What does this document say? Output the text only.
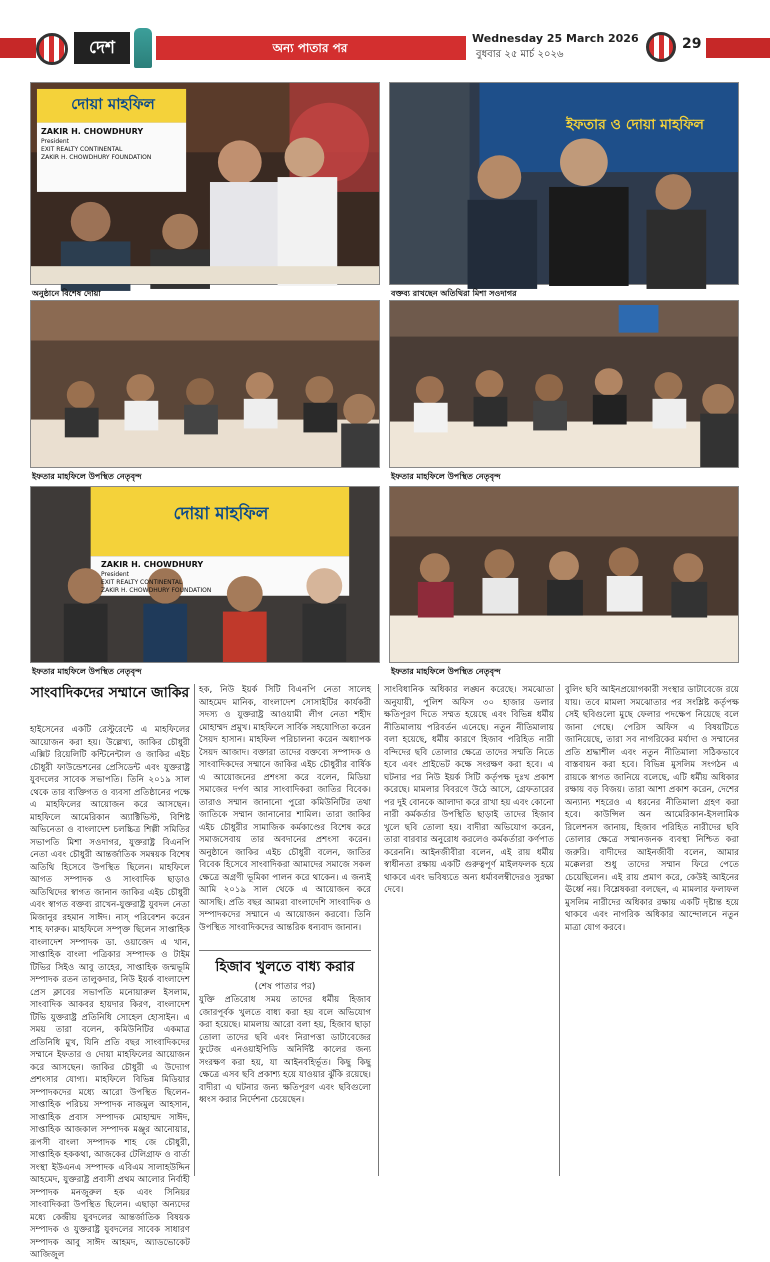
দেশ	অন্য পাতার পর
Wednesday 25 March 2026
বুধবার ২৫ মার্চ ২০২৬
29
দোয়া মাহফিল
ZAKIR H. CHOWDHURY
President
EXIT REALTY CONTINENTAL
ZAKIR H. CHOWDHURY FOUNDATION
অনুষ্ঠানে বিশেষ দোয়া
ইফতার ও দোয়া মাহফিল
বক্তব্য রাখছেন অতিথিরা মিশা সওদাগর
ইফতার মাহফিলে উপস্থিত নেতৃবৃন্দ	ইফতার মাহফিলে উপস্থিত নেতৃবৃন্দ
দোয়া মাহফিল
ZAKIR H. CHOWDHURY
President
EXIT REALTY CONTINENTAL
ZAKIR H. CHOWDHURY FOUNDATION
ইফতার মাহফিলে উপস্থিত নেতৃবৃন্দ	ইফতার মাহফিলে উপস্থিত নেতৃবৃন্দ
সাংবাদিকদের সম্মানে জাকির
হাইসেনের একটি রেস্টুরেন্টে এ মাহফিলের আয়োজন করা হয়। উল্লেখ্য, জাকির চৌধুরী এক্সিট রিয়েলিটি কন্টিনেন্টাল ও জাকির এইচ চৌধুরী ফাউন্ডেশনের প্রেসিডেন্ট এবং যুক্তরাষ্ট্র যুবদলের সাবেক সভাপতি। তিনি ২০১৯ সাল থেকে তার ব্যক্তিগত ও ব্যবসা প্রতিষ্ঠানের পক্ষে এ মাহফিলের আয়োজন করে আসছেন। মাহফিলে আমেরিকান অ্যাক্টিভিস্ট, বিশিষ্ট অভিনেতা ও বাংলাদেশ চলচ্চিত্র শিল্পী সমিতির সভাপতি মিশা সওদাগর, যুক্তরাষ্ট্র বিএনপি নেতা এবং চৌধুরী আন্তর্জাতিক সমন্বয়ক বিশেষ অতিথি হিসেবে উপস্থিত ছিলেন। মাহফিলে আগত সম্পাদক ও সাংবাদিক ছাড়াও অতিথিদের স্বাগত জানান জাকির এইচ চৌধুরী এবং স্বাগত বক্তব্য রাখেন-যুক্তরাষ্ট্র যুবদল নেতা মিজানুর রহমান সাঈদ। নাস্ পরিবেশন করেন শাহ ফারুক। মাহফিলে সম্পৃক্ত ছিলেন সাপ্তাহিক বাংলাদেশ সম্পাদক ডা. ওয়াজেদ এ খান, সাপ্তাহিক বাংলা পত্রিকার সম্পাদক ও টাইম টিভির সিইও আবু তাহের, সাপ্তাহিক জন্মভূমি সম্পাদক রতন তালুকদার, নিউ ইয়র্ক বাংলাদেশ প্রেস ক্লাবের সভাপতি মনোয়ারুল ইসলাম, সাংবাদিক আকবর হায়দার কিরণ, বাংলাদেশ টিভি যুক্তরাষ্ট্র প্রতিনিধি সোহেল হোসাইন। এ সময় তারা বলেন, কমিউনিটির একমাত্র প্রতিনিধি মুখ, যিনি প্রতি বছর সাংবাদিকদের সম্মানে ইফতার ও দোয়া মাহফিলের আয়োজন করে আসছেন। জাকির চৌধুরী এ উদ্যোগ প্রশংসার যোগ্য। মাহফিলে বিভিন্ন মিডিয়ার সম্পাদকদের মধ্যে আরো উপস্থিত ছিলেন-সাপ্তাহিক পরিচয় সম্পাদক নাজমুল আহসান, সাপ্তাহিক প্রবাস সম্পাদক মোহাম্মদ সাঈদ, সাপ্তাহিক আজকাল সম্পাদক মঞ্জুর আনোয়ার, রূপসী বাংলা সম্পাদক শাহ জে চৌধুরী, সাপ্তাহিক হককথা, আজকের টেলিগ্রাফ ও বার্তা সংস্থা ইউএনএ সম্পাদক এবিএম সালাহউদ্দিন আহমেদ, যুক্তরাষ্ট্র প্রবাসী প্রথম আলোর নির্বাহী সম্পাদক মনজুরুল হক এবং সিনিয়র সাংবাদিকরা উপস্থিত ছিলেন। এছাড়া অন্যদের মধ্যে কেন্দ্রীয় যুবদলের আন্তর্জাতিক বিষয়ক সম্পাদক ও যুক্তরাষ্ট্র যুবদলের সাবেক সাধারণ সম্পাদক আবু সাঈদ আহমদ, অ্যাডভোকেট আজিজুল
হক, নিউ ইয়র্ক সিটি বিএনপি নেতা সালেহ আহমেদ মানিক, বাংলাদেশ সোসাইটির কার্যকরী সদস্য ও যুক্তরাষ্ট্র আওয়ামী লীগ নেতা শহীদ মোহাম্মদ প্রমুখ। মাহফিলে সার্বিক সহযোগিতা করেন সৈয়দ হাসান। মাহফিল পরিচালনা করেন অধ্যাপক সৈয়দ আজাদ। বক্তারা তাদের বক্তব্যে সম্পাদক ও সাংবাদিকদের সম্মানে জাকির এইচ চৌধুরীর বার্ষিক এ আয়োজনের প্রশংসা করে বলেন, মিডিয়া সমাজের দর্পণ আর সাংবাদিকরা জাতির বিবেক। তারাও সম্মান জানানো পুরো কমিউনিটির তথা জাতিকে সম্মান জানানোর শামিল। তারা জাকির এইচ চৌধুরীর সামাজিক কর্মকাণ্ডের বিশেষ করে সমাজসেবায় তার অবদানের প্রশংসা করেন। অনুষ্ঠানে জাকির এইচ চৌধুরী বলেন, জাতির বিবেক হিসেবে সাংবাদিকরা আমাদের সমাজে সকল ক্ষেত্রে অগ্রণী ভূমিকা পালন করে থাকেন। এ জন্যই আমি ২০১৯ সাল থেকে এ আয়োজন করে আসছি। প্রতি বছর আমরা বাংলাদেশি সাংবাদিক ও সম্পাদকদের সম্মানে এ আয়োজন করবো। তিনি উপস্থিত সাংবাদিকদের আন্তরিক ধন্যবাদ জানান।
হিজাব খুলতে বাধ্য করার
(শেষ পাতার পর)
যুক্তি প্রতিরোধ সময় তাদের ধর্মীয় হিজাব জোরপূর্বক খুলতে বাধ্য করা হয় বলে অভিযোগ করা হয়েছে। মামলায় আরো বলা হয়, হিজাব ছাড়া তোলা তাদের ছবি এবং নিরাপত্তা ডাটাবেজের ফুটেজ এনওয়াইপিডি অনির্দিষ্ট কালের জন্য সংরক্ষণ করা হয়, যা আইনবহির্ভূত। কিছু কিছু ক্ষেত্রে এসব ছবি প্রকাশ্য হয়ে যাওয়ার ঝুঁকি রয়েছে। বাদীরা এ ঘটনার জন্য ক্ষতিপূরণ এবং ছবিগুলো ধ্বংস করার নির্দেশনা চেয়েছেন।
সাংবিধানিক অধিকার লঙ্ঘন করেছে। সমঝোতা অনুযায়ী, পুলিশ অফিস ৩০ হাজার ডলার ক্ষতিপূরণ দিতে সম্মত হয়েছে এবং বিভিন্ন ধর্মীয় নীতিমালায় পরিবর্তন এনেছে। নতুন নীতিমালায় বলা হয়েছে, ধর্মীয় কারণে হিজাব পরিহিত নারী বন্দিদের ছবি তোলার ক্ষেত্রে তাদের সম্মতি নিতে হবে এবং প্রাইভেট কক্ষে সংরক্ষণ করা হবে। এ ঘটনার পর নিউ ইয়র্ক সিটি কর্তৃপক্ষ দুঃখ প্রকাশ করেছে। মামলার বিবরণে উঠে আসে, গ্রেফতারের পর দুই বোনকে আলাদা করে রাখা হয় এবং কোনো নারী কর্মকর্তার উপস্থিতি ছাড়াই তাদের হিজাব খুলে ছবি তোলা হয়। বাদীরা অভিযোগ করেন, তারা বারবার অনুরোধ করলেও কর্মকর্তারা কর্ণপাত করেননি। আইনজীবীরা বলেন, এই রায় ধর্মীয় স্বাধীনতা রক্ষায় একটি গুরুত্বপূর্ণ মাইলফলক হয়ে থাকবে এবং ভবিষ্যতে অন্য ধর্মাবলম্বীদেরও সুরক্ষা দেবে।
বুলিং ছবি আইনপ্রয়োগকারী সংস্থার ডাটাবেজে রয়ে যায়। তবে মামলা সমঝোতার পর সংশ্লিষ্ট কর্তৃপক্ষ সেই ছবিগুলো মুছে ফেলার পদক্ষেপ নিয়েছে বলে জানা গেছে। পেরিস অফিস এ বিষয়টিতে জানিয়েছে, তারা সব নাগরিকের মর্যাদা ও সম্মানের প্রতি শ্রদ্ধাশীল এবং নতুন নীতিমালা সঠিকভাবে বাস্তবায়ন করা হবে। বিভিন্ন মুসলিম সংগঠন এ রায়কে স্বাগত জানিয়ে বলেছে, এটি ধর্মীয় অধিকার রক্ষায় বড় বিজয়। তারা আশা প্রকাশ করেন, দেশের অন্যান্য শহরেও এ ধরনের নীতিমালা গ্রহণ করা হবে। কাউন্সিল অন আমেরিকান-ইসলামিক রিলেশনস জানায়, হিজাব পরিহিত নারীদের ছবি তোলার ক্ষেত্রে সম্মানজনক ব্যবস্থা নিশ্চিত করা জরুরি। বাদীদের আইনজীবী বলেন, আমার মক্কেলরা শুধু তাদের সম্মান ফিরে পেতে চেয়েছিলেন। এই রায় প্রমাণ করে, কেউই আইনের ঊর্ধ্বে নয়। বিশ্লেষকরা বলছেন, এ মামলার ফলাফল মুসলিম নারীদের অধিকার রক্ষায় একটি দৃষ্টান্ত হয়ে থাকবে এবং নাগরিক অধিকার আন্দোলনে নতুন মাত্রা যোগ করবে।
